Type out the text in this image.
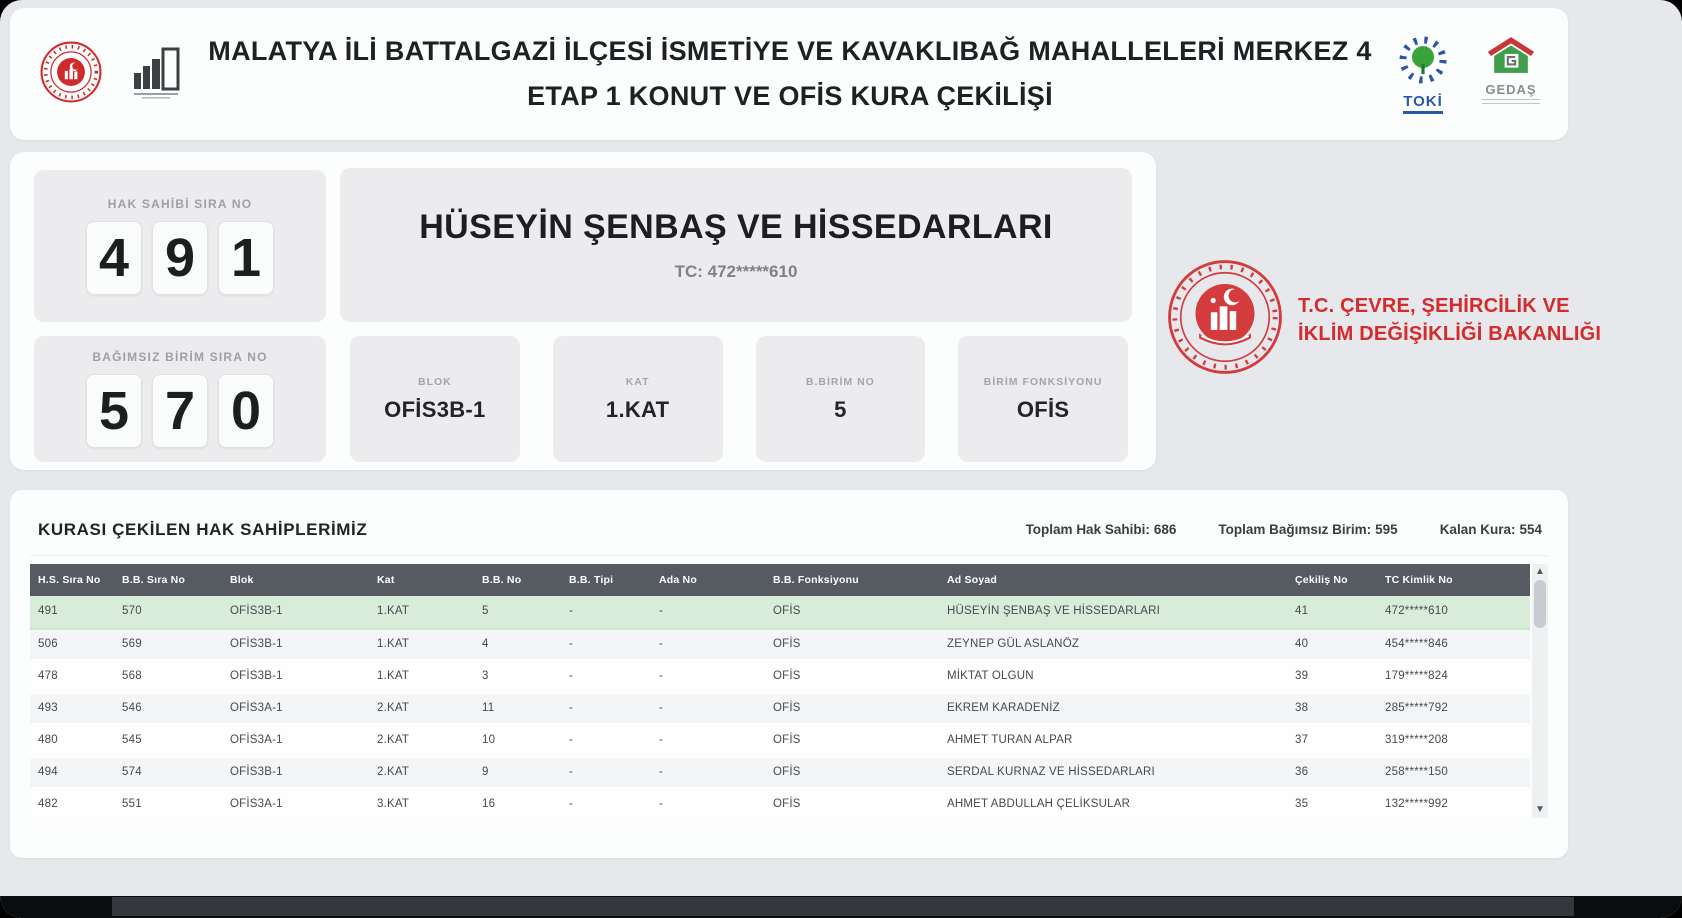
MALATYA İLİ BATTALGAZİ İLÇESİ İSMETİYE VE KAVAKLIBAĞ MAHALLELERİ MERKEZ 4
ETAP 1 KONUT VE OFİS KURA ÇEKİLİŞİ	TOKİ
GEDAŞ
HAK SAHİBİ SIRA NO
4 9 1
BAĞIMSIZ BİRİM SIRA NO
5 7 0
HÜSEYİN ŞENBAŞ VE HİSSEDARLARI
TC: 472*****610
BLOK
OFİS3B-1
KAT
1.KAT
B.BİRİM NO
5
BİRİM FONKSİYONU
OFİS
T.C. ÇEVRE, ŞEHİRCİLİK VE
İKLİM DEĞİŞİKLİĞİ BAKANLIĞI
KURASI ÇEKİLEN HAK SAHİPLERİMİZ	Toplam Hak Sahibi: 686	Toplam Bağımsız Birim: 595	Kalan Kura: 554
H.S. Sıra No	B.B. Sıra No	Blok	Kat	B.B. No	B.B. Tipi	Ada No	B.B. Fonksiyonu	Ad Soyad	Çekiliş No	TC Kimlik No
491	570	OFİS3B-1	1.KAT	5	-	-	OFİS	HÜSEYİN ŞENBAŞ VE HİSSEDARLARI	41	472*****610
506	569	OFİS3B-1	1.KAT	4	-	-	OFİS	ZEYNEP GÜL ASLANÖZ	40	454*****846
478	568	OFİS3B-1	1.KAT	3	-	-	OFİS	MİKTAT OLGUN	39	179*****824
493	546	OFİS3A-1	2.KAT	11	-	-	OFİS	EKREM KARADENİZ	38	285*****792
480	545	OFİS3A-1	2.KAT	10	-	-	OFİS	AHMET TURAN ALPAR	37	319*****208
494	574	OFİS3B-1	2.KAT	9	-	-	OFİS	SERDAL KURNAZ VE HİSSEDARLARI	36	258*****150
482	551	OFİS3A-1	3.KAT	16	-	-	OFİS	AHMET ABDULLAH ÇELİKSULAR	35	132*****992
▲
▼
